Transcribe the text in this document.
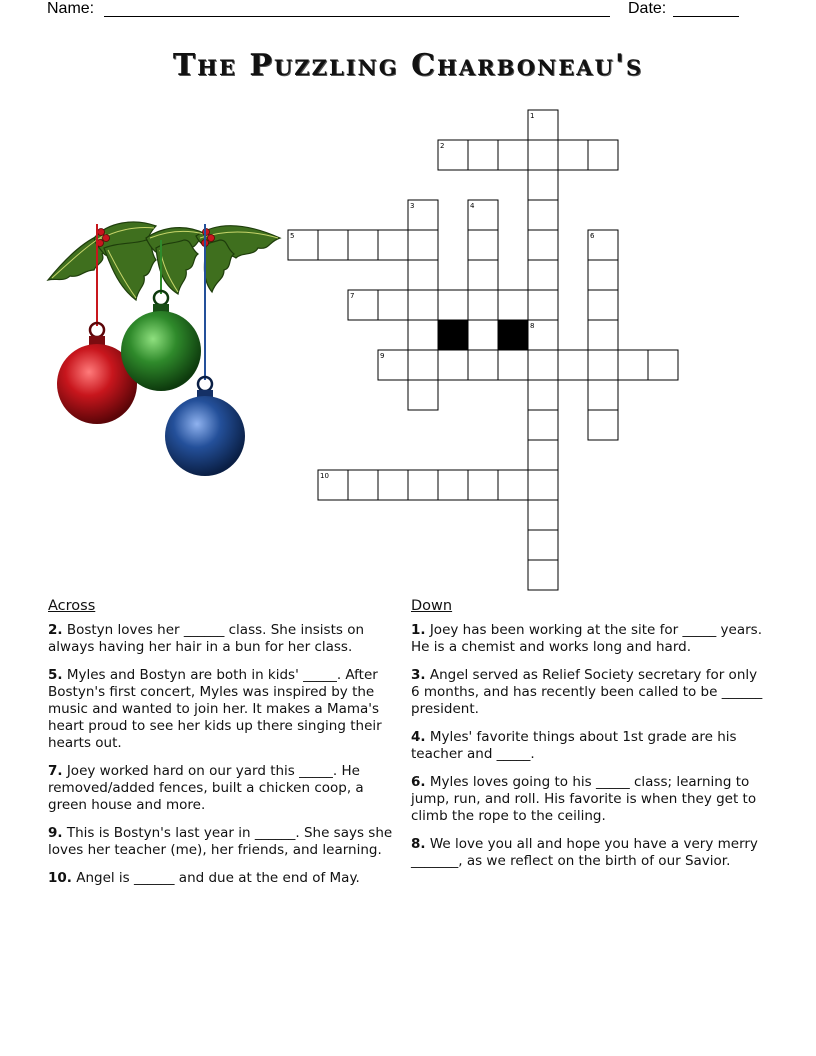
Name:	Date:
The Puzzling Charboneau's
1
8
2
3	4
5	6
7
9
10
Across
2. Bostyn loves her ______ class. She insists on always having her hair in a bun for her class.
5. Myles and Bostyn are both in kids' _____. After Bostyn's first concert, Myles was inspired by the music and wanted to join her. It makes a Mama's heart proud to see her kids up there singing their hearts out.
7. Joey worked hard on our yard this _____. He removed/added fences, built a chicken coop, a green house and more.
9. This is Bostyn's last year in ______. She says she loves her teacher (me), her friends, and learning.
10. Angel is ______ and due at the end of May.
Down
1. Joey has been working at the site for _____ years. He is a chemist and works long and hard.
3. Angel served as Relief Society secretary for only 6 months, and has recently been called to be ______ president.
4. Myles' favorite things about 1st grade are his teacher and _____.
6. Myles loves going to his _____ class; learning to jump, run, and roll. His favorite is when they get to climb the rope to the ceiling.
8. We love you all and hope you have a very merry _______, as we reflect on the birth of our Savior.
